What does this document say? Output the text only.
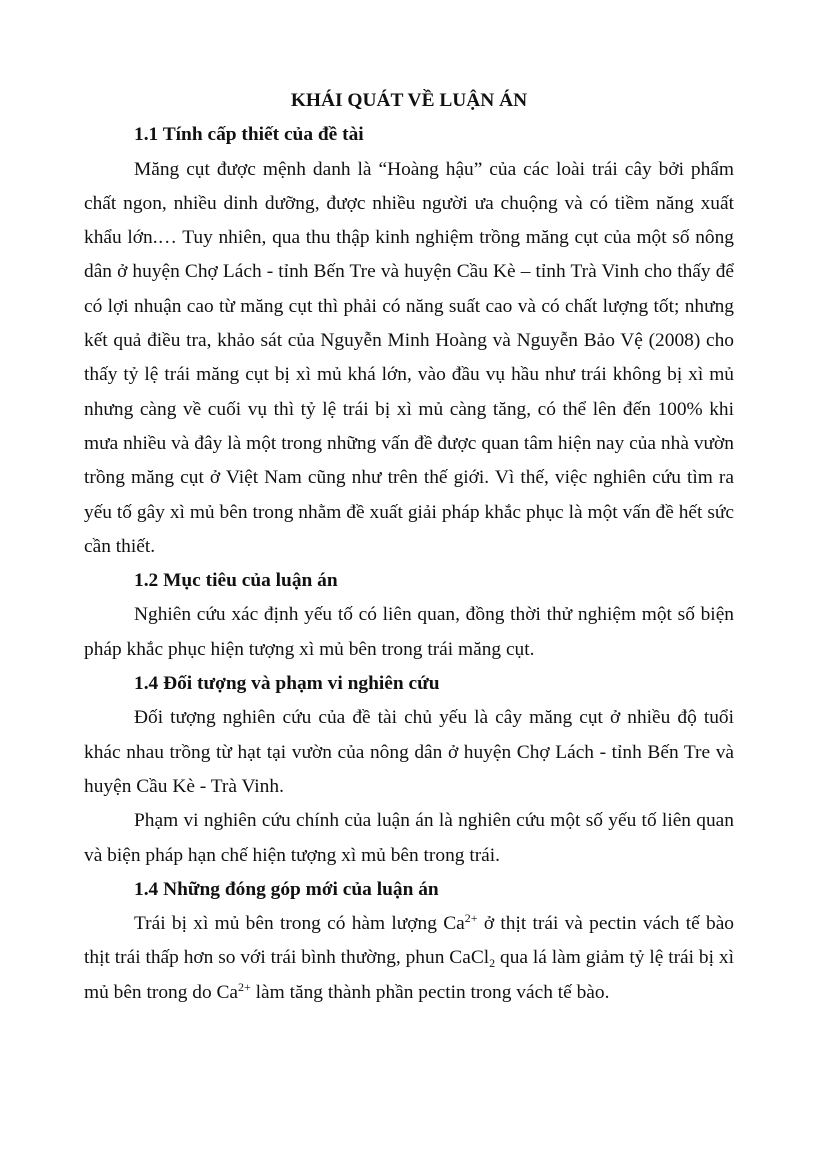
KHÁI QUÁT VỀ LUẬN ÁN

1.1 Tính cấp thiết của đề tài

Măng cụt được mệnh danh là “Hoàng hậu” của các loài trái cây bởi phẩm chất ngon, nhiều dinh dưỡng, được nhiều người ưa chuộng và có tiềm năng xuất khẩu lớn.… Tuy nhiên, qua thu thập kinh nghiệm trồng măng cụt của một số nông dân ở huyện Chợ Lách - tỉnh Bến Tre và huyện Cầu Kè – tỉnh Trà Vinh cho thấy để có lợi nhuận cao từ măng cụt thì phải có năng suất cao và có chất lượng tốt; nhưng kết quả điều tra, khảo sát của Nguyễn Minh Hoàng và Nguyễn Bảo Vệ (2008) cho thấy tỷ lệ trái măng cụt bị xì mủ khá lớn, vào đầu vụ hầu như trái không bị xì mủ nhưng càng về cuối vụ thì tỷ lệ trái bị xì mủ càng tăng, có thể lên đến 100% khi mưa nhiều và đây là một trong những vấn đề được quan tâm hiện nay của nhà vườn trồng măng cụt ở Việt Nam cũng như trên thế giới. Vì thế, việc nghiên cứu tìm ra yếu tố gây xì mủ bên trong nhằm đề xuất giải pháp khắc phục là một vấn đề hết sức cần thiết.

1.2 Mục tiêu của luận án

Nghiên cứu xác định yếu tố có liên quan, đồng thời thử nghiệm một số biện pháp khắc phục hiện tượng xì mủ bên trong trái măng cụt.

1.4 Đối tượng và phạm vi nghiên cứu

Đối tượng nghiên cứu của đề tài chủ yếu là cây măng cụt ở nhiều độ tuổi khác nhau trồng từ hạt tại vườn của nông dân ở huyện Chợ Lách - tỉnh Bến Tre và huyện Cầu Kè - Trà Vinh.

Phạm vi nghiên cứu chính của luận án là nghiên cứu một số yếu tố liên quan và biện pháp hạn chế hiện tượng xì mủ bên trong trái.

1.4 Những đóng góp mới của luận án

Trái bị xì mủ bên trong có hàm lượng $Ca^{2+}$ ở thịt trái và pectin vách tế bào thịt trái thấp hơn so với trái bình thường, phun CaCl$_2$ qua lá làm giảm tỷ lệ trái bị xì mủ bên trong do $Ca^{2+}$ làm tăng thành phần pectin trong vách tế bào.
